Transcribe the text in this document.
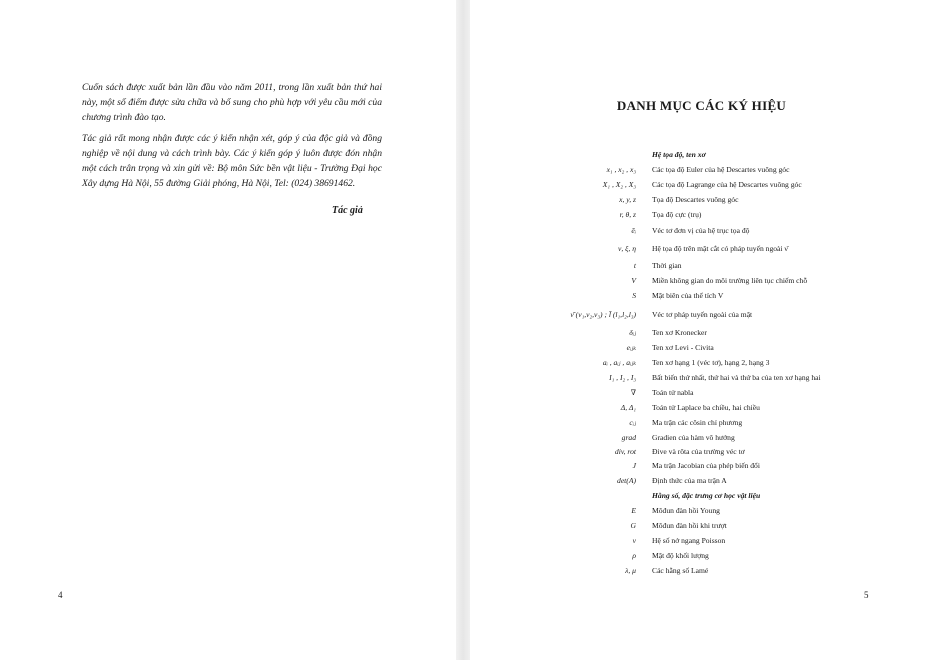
Cuốn sách được xuất bản lần đầu vào năm 2011, trong lần xuất bản thứ hai này, một số điểm được sửa chữa và bổ sung cho phù hợp với yêu cầu mới của chương trình đào tạo.

Tác giả rất mong nhận được các ý kiến nhận xét, góp ý của độc giả và đồng nghiệp về nội dung và cách trình bày. Các ý kiến góp ý luôn được đón nhận một cách trân trọng và xin gửi về: Bộ môn Sức bền vật liệu - Trường Đại học Xây dựng Hà Nội, 55 đường Giải phóng, Hà Nội, Tel: (024) 38691462.

Tác giả
4
DANH MỤC CÁC KÝ HIỆU
Hệ tọa độ, ten xơ
x₁ , x₂ , x₃ Các tọa độ Euler của hệ Descartes vuông góc
X₁ , X₂ , X₃ Các tọa độ Lagrange của hệ Descartes vuông góc
x, y, z Tọa độ Descartes vuông góc
r, θ, z Tọa độ cực (trụ)
ēᵢ Véc tơ đơn vị của hệ trục tọa độ
ν, ξ, η Hệ tọa độ trên mặt cắt có pháp tuyến ngoài ν̄
t Thời gian
V Miền không gian do môi trường liên tục chiếm chỗ
S Mặt biên của thể tích V
ν̄ (ν₁,ν₂,ν₃) ; l̄ (l₁,l₂,l₃) Véc tơ pháp tuyến ngoài của mặt
δᵢⱼ Ten xơ Kronecker
eᵢⱼₖ Ten xơ Levi - Civita
aᵢ , aᵢⱼ , aᵢⱼₖ Ten xơ hạng 1 (véc tơ), hạng 2, hạng 3
I₁ , I₂ , I₃ Bất biến thứ nhất, thứ hai và thứ ba của ten xơ hạng hai
∇ Toán tử nabla
Δ, Δ₁ Toán tử Laplace ba chiều, hai chiều
cᵢⱼ Ma trận các côsin chỉ phương
grad Gradien của hàm vô hướng
div, rot Đive và rôta của trường véc tơ
J Ma trận Jacobian của phép biến đổi
det(A) Định thức của ma trận A
Hằng số, đặc trưng cơ học vật liệu
E Môđun đàn hồi Young
G Môđun đàn hồi khi trượt
ν Hệ số nở ngang Poisson
ρ Mật độ khối lượng
λ, μ Các hằng số Lamé
5
